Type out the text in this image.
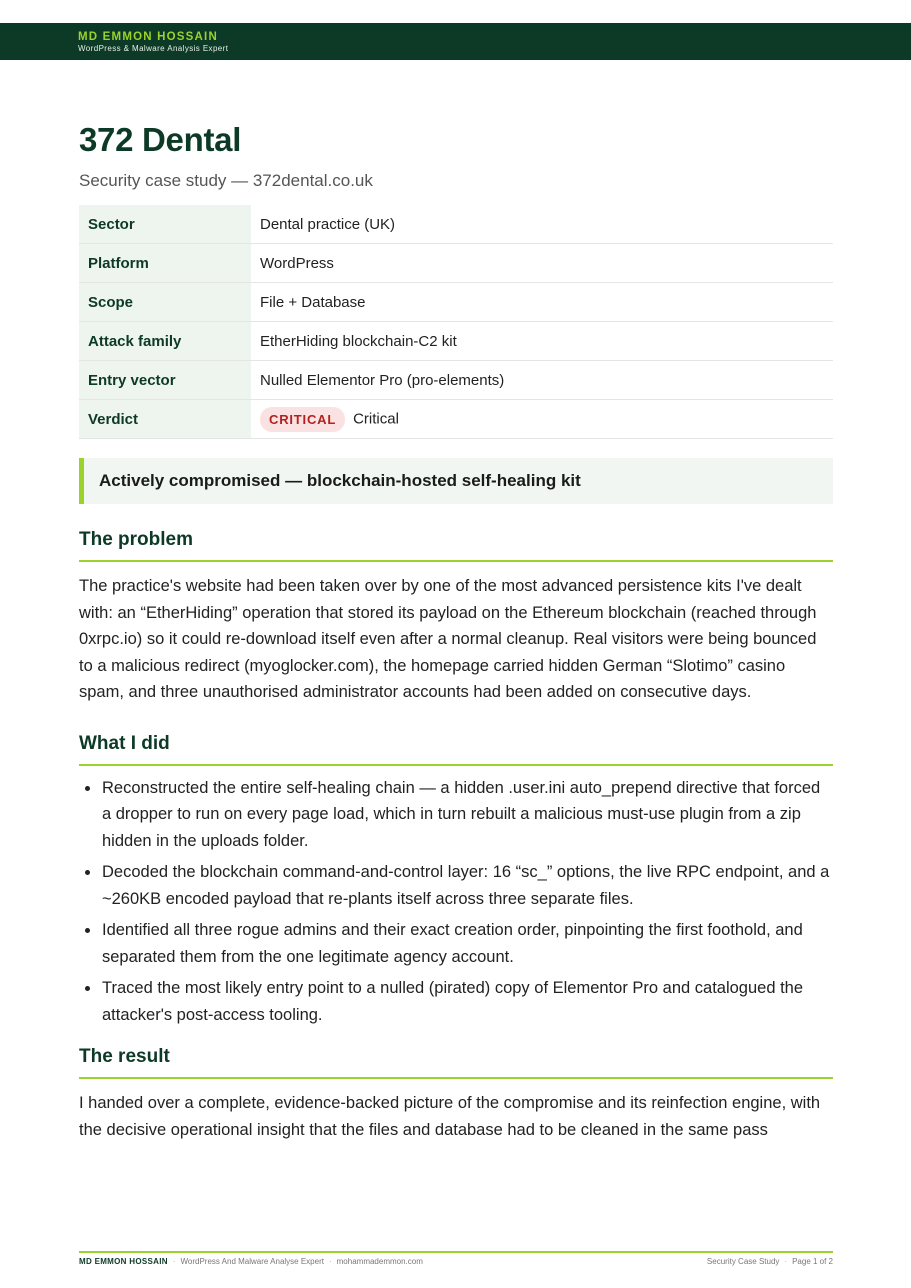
MD EMMON HOSSAIN
WordPress & Malware Analysis Expert
372 Dental
Security case study — 372dental.co.uk
Sector	Dental practice (UK)
Platform	WordPress
Scope	File + Database
Attack family	EtherHiding blockchain-C2 kit
Entry vector	Nulled Elementor Pro (pro-elements)
Verdict	CRITICAL Critical
Actively compromised — blockchain-hosted self-healing kit
The problem

The practice's website had been taken over by one of the most advanced persistence kits I've dealt with: an “EtherHiding” operation that stored its payload on the Ethereum blockchain (reached through 0xrpc.io) so it could re-download itself even after a normal cleanup. Real visitors were being bounced to a malicious redirect (myoglocker.com), the homepage carried hidden German “Slotimo” casino spam, and three unauthorised administrator accounts had been added on consecutive days.

What I did
Reconstructed the entire self-healing chain — a hidden .user.ini auto_prepend directive that forced a dropper to run on every page load, which in turn rebuilt a malicious must-use plugin from a zip hidden in the uploads folder.
Decoded the blockchain command-and-control layer: 16 “sc_” options, the live RPC endpoint, and a ~260KB encoded payload that re-plants itself across three separate files.
Identified all three rogue admins and their exact creation order, pinpointing the first foothold, and separated them from the one legitimate agency account.
Traced the most likely entry point to a nulled (pirated) copy of Elementor Pro and catalogued the attacker's post-access tooling.
The result

I handed over a complete, evidence-backed picture of the compromise and its reinfection engine, with the decisive operational insight that the files and database had to be cleaned in the same pass

MD EMMON HOSSAIN · WordPress And Malware Analyse Expert · mohammademmon.com	Security Case Study · Page 1 of 2
